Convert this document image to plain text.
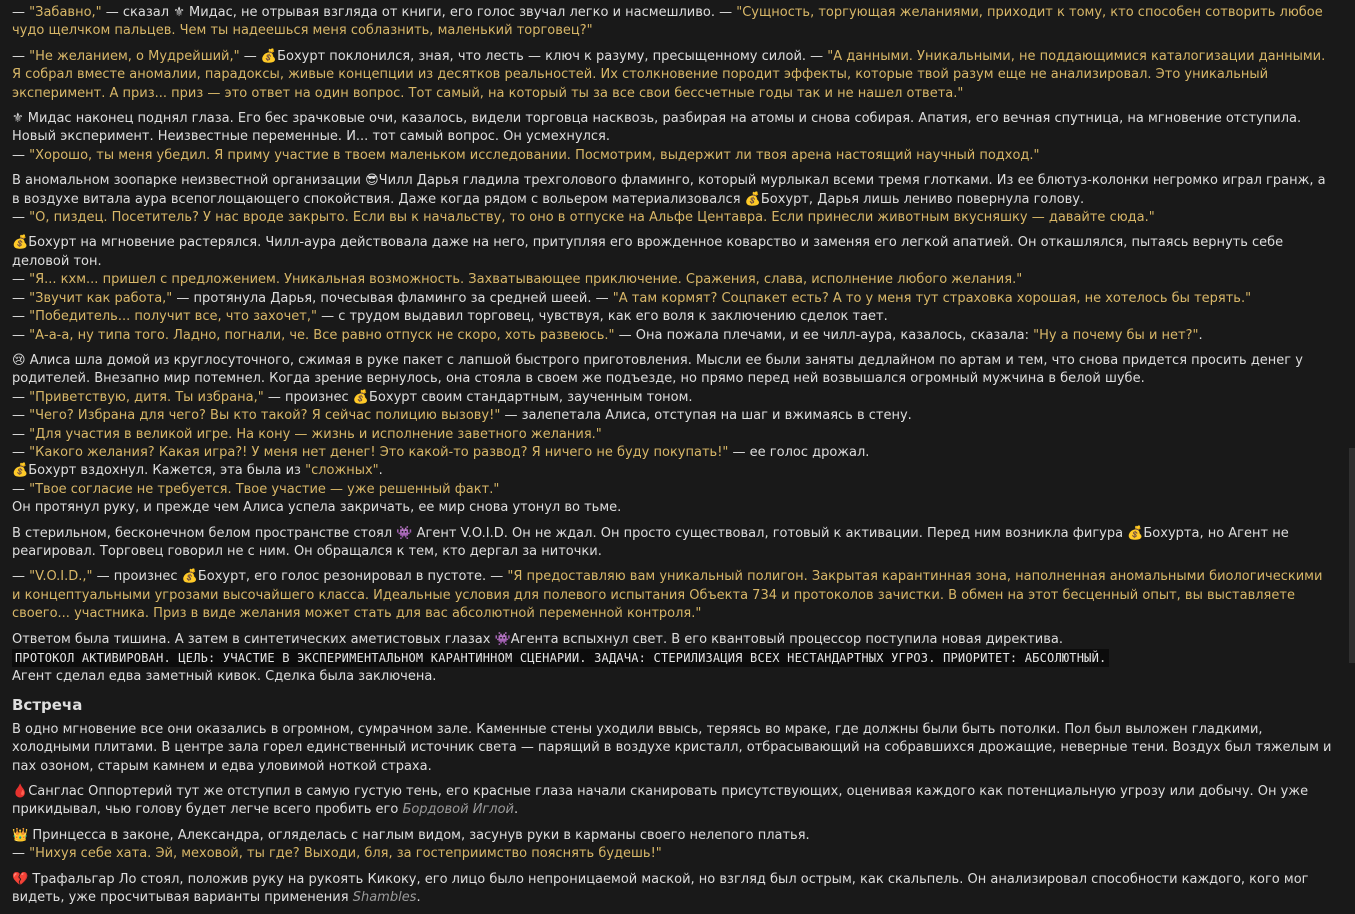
— "Забавно," — сказал ⚜ Мидас, не отрывая взгляда от книги, его голос звучал легко и насмешливо. — "Сущность, торгующая желаниями, приходит к тому, кто способен сотворить любое чудо щелчком пальцев. Чем ты надеешься меня соблазнить, маленький торговец?"

— "Не желанием, о Мудрейший," — 💰Бохурт поклонился, зная, что лесть — ключ к разуму, пресыщенному силой. — "А данными. Уникальными, не поддающимися каталогизации данными. Я собрал вместе аномалии, парадоксы, живые концепции из десятков реальностей. Их столкновение породит эффекты, которые твой разум еще не анализировал. Это уникальный эксперимент. А приз... приз — это ответ на один вопрос. Тот самый, на который ты за все свои бессчетные годы так и не нашел ответа."

⚜ Мидас наконец поднял глаза. Его бес зрачковые очи, казалось, видели торговца насквозь, разбирая на атомы и снова собирая. Апатия, его вечная спутница, на мгновение отступила. Новый эксперимент. Неизвестные переменные. И... тот самый вопрос. Он усмехнулся.
— "Хорошо, ты меня убедил. Я приму участие в твоем маленьком исследовании. Посмотрим, выдержит ли твоя арена настоящий научный подход."

В аномальном зоопарке неизвестной организации 😎Чилл Дарья гладила трехголового фламинго, который мурлыкал всеми тремя глотками. Из ее блютуз-колонки негромко играл гранж, а в воздухе витала аура всепоглощающего спокойствия. Даже когда рядом с вольером материализовался 💰Бохурт, Дарья лишь лениво повернула голову.
— "О, пиздец. Посетитель? У нас вроде закрыто. Если вы к начальству, то оно в отпуске на Альфе Центавра. Если принесли животным вкусняшку — давайте сюда."

💰Бохурт на мгновение растерялся. Чилл-аура действовала даже на него, притупляя его врожденное коварство и заменяя его легкой апатией. Он откашлялся, пытаясь вернуть себе деловой тон.
— "Я... кхм... пришел с предложением. Уникальная возможность. Захватывающее приключение. Сражения, слава, исполнение любого желания."
— "Звучит как работа," — протянула Дарья, почесывая фламинго за средней шеей. — "А там кормят? Соцпакет есть? А то у меня тут страховка хорошая, не хотелось бы терять."
— "Победитель... получит все, что захочет," — с трудом выдавил торговец, чувствуя, как его воля к заключению сделок тает.
— "А-а-а, ну типа того. Ладно, погнали, че. Все равно отпуск не скоро, хоть развеюсь." — Она пожала плечами, и ее чилл-аура, казалось, сказала: "Ну а почему бы и нет?".

😢 Алиса шла домой из круглосуточного, сжимая в руке пакет с лапшой быстрого приготовления. Мысли ее были заняты дедлайном по артам и тем, что снова придется просить денег у родителей. Внезапно мир потемнел. Когда зрение вернулось, она стояла в своем же подъезде, но прямо перед ней возвышался огромный мужчина в белой шубе.
— "Приветствую, дитя. Ты избрана," — произнес 💰Бохурт своим стандартным, заученным тоном.
— "Чего? Избрана для чего? Вы кто такой? Я сейчас полицию вызову!" — залепетала Алиса, отступая на шаг и вжимаясь в стену.
— "Для участия в великой игре. На кону — жизнь и исполнение заветного желания."
— "Какого желания? Какая игра?! У меня нет денег! Это какой-то развод? Я ничего не буду покупать!" — ее голос дрожал.
💰Бохурт вздохнул. Кажется, эта была из "сложных".
— "Твое согласие не требуется. Твое участие — уже решенный факт."
Он протянул руку, и прежде чем Алиса успела закричать, ее мир снова утонул во тьме.

В стерильном, бесконечном белом пространстве стоял 👾 Агент V.O.I.D. Он не ждал. Он просто существовал, готовый к активации. Перед ним возникла фигура 💰Бохурта, но Агент не реагировал. Торговец говорил не с ним. Он обращался к тем, кто дергал за ниточки.

— "V.O.I.D.," — произнес 💰Бохурт, его голос резонировал в пустоте. — "Я предоставляю вам уникальный полигон. Закрытая карантинная зона, наполненная аномальными биологическими и концептуальными угрозами высочайшего класса. Идеальные условия для полевого испытания Объекта 734 и протоколов зачистки. В обмен на этот бесценный опыт, вы выставляете своего... участника. Приз в виде желания может стать для вас абсолютной переменной контроля."

Ответом была тишина. А затем в синтетических аметистовых глазах 👾Агента вспыхнул свет. В его квантовый процессор поступила новая директива.
ПРОТОКОЛ АКТИВИРОВАН. ЦЕЛЬ: УЧАСТИЕ В ЭКСПЕРИМЕНТАЛЬНОМ КАРАНТИННОМ СЦЕНАРИИ. ЗАДАЧА: СТЕРИЛИЗАЦИЯ ВСЕХ НЕСТАНДАРТНЫХ УГРОЗ. ПРИОРИТЕТ: АБСОЛЮТНЫЙ.
Агент сделал едва заметный кивок. Сделка была заключена.

Встреча

В одно мгновение все они оказались в огромном, сумрачном зале. Каменные стены уходили ввысь, теряясь во мраке, где должны были быть потолки. Пол был выложен гладкими, холодными плитами. В центре зала горел единственный источник света — парящий в воздухе кристалл, отбрасывающий на собравшихся дрожащие, неверные тени. Воздух был тяжелым и пах озоном, старым камнем и едва уловимой ноткой страха.

🩸Санглас Оппортерий тут же отступил в самую густую тень, его красные глаза начали сканировать присутствующих, оценивая каждого как потенциальную угрозу или добычу. Он уже прикидывал, чью голову будет легче всего пробить его Бордовой Иглой.

👑 Принцесса в законе, Александра, огляделась с наглым видом, засунув руки в карманы своего нелепого платья.
— "Нихуя себе хата. Эй, меховой, ты где? Выходи, бля, за гостеприимство пояснять будешь!"

💔 Трафальгар Ло стоял, положив руку на рукоять Кикоку, его лицо было непроницаемой маской, но взгляд был острым, как скальпель. Он анализировал способности каждого, кого мог видеть, уже просчитывая варианты применения Shambles.
